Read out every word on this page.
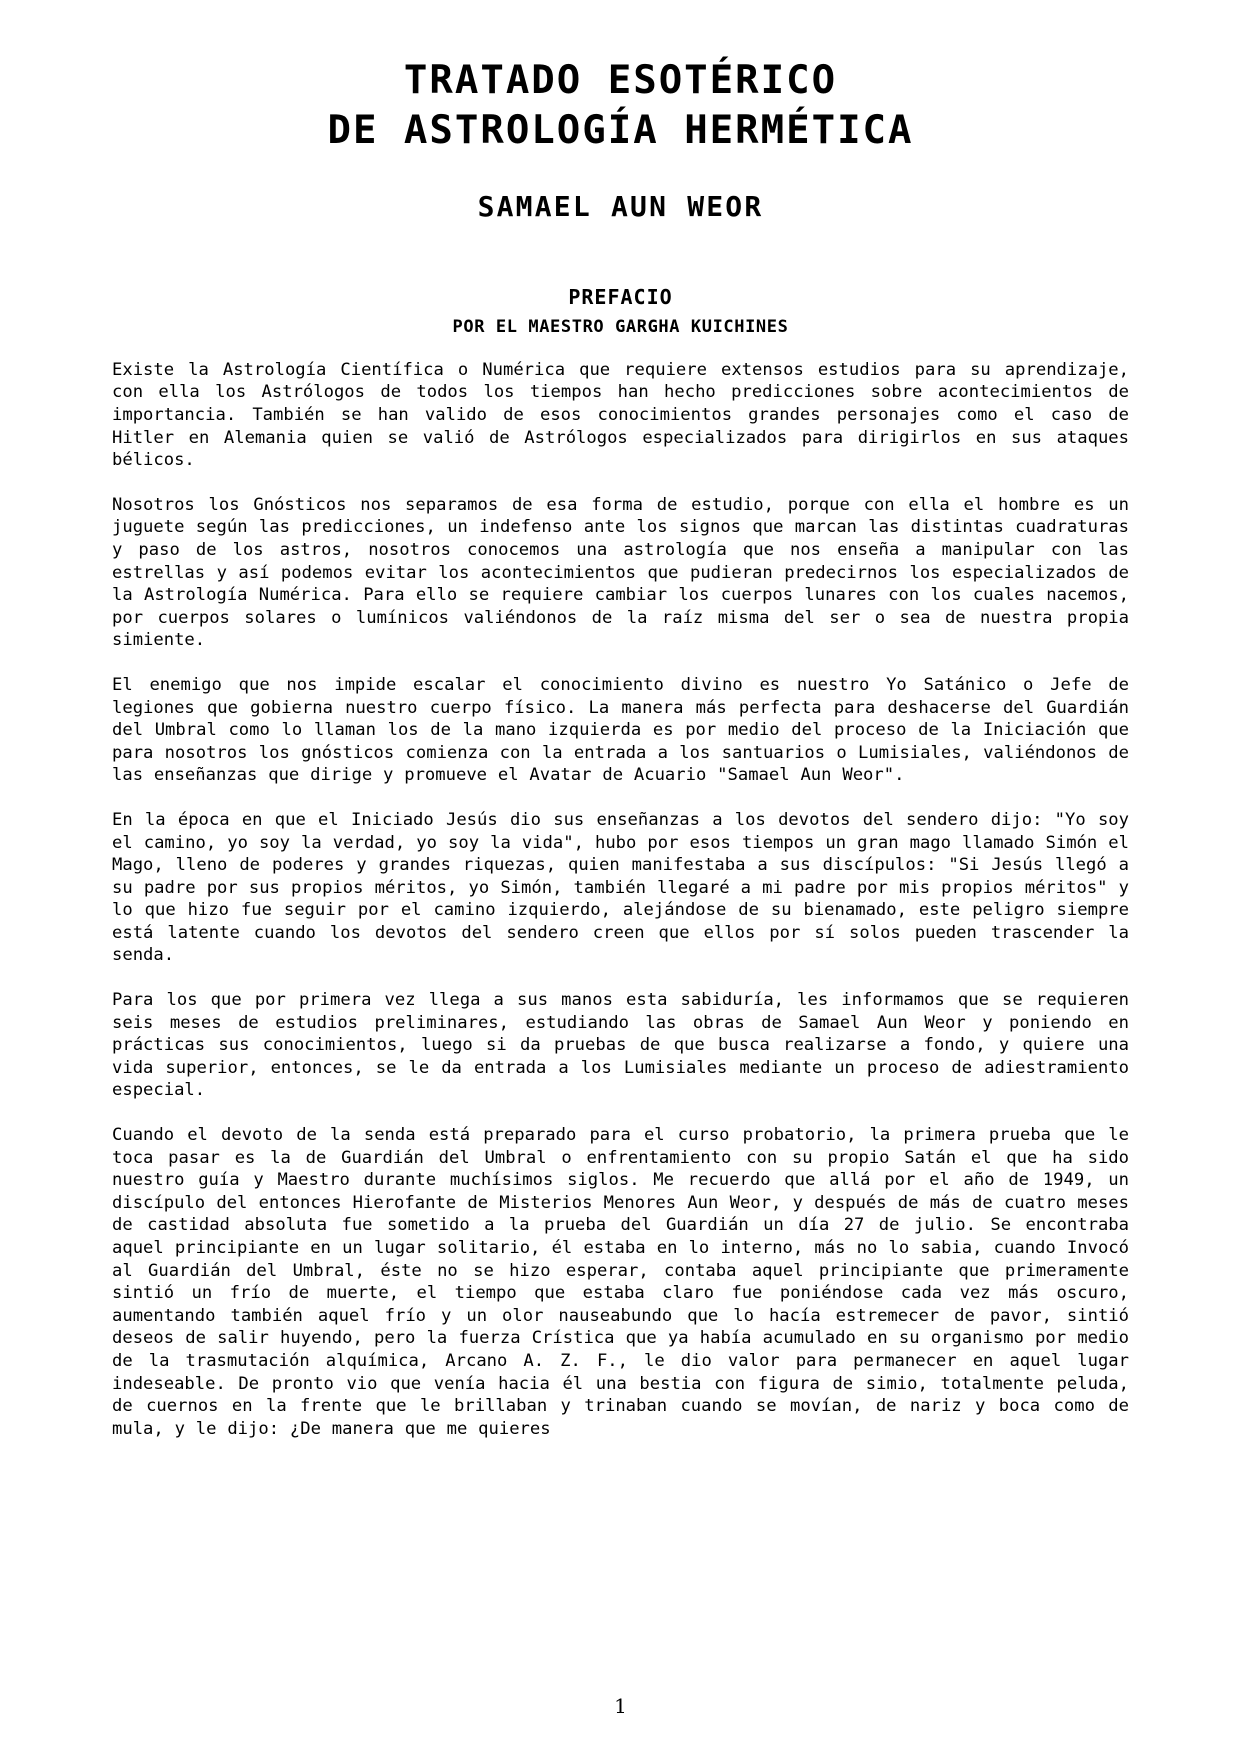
TRATADO ESOTÉRICO
DE ASTROLOGÍA HERMÉTICA
SAMAEL AUN WEOR
PREFACIO
POR EL MAESTRO GARGHA KUICHINES

Existe la Astrología Científica o Numérica que requiere extensos estudios para su aprendizaje, con ella los Astrólogos de todos los tiempos han hecho predicciones sobre acontecimientos de importancia. También se han valido de esos conocimientos grandes personajes como el caso de Hitler en Alemania quien se valió de Astrólogos especializados para dirigirlos en sus ataques bélicos.

Nosotros los Gnósticos nos separamos de esa forma de estudio, porque con ella el hombre es un juguete según las predicciones, un indefenso ante los signos que marcan las distintas cuadraturas y paso de los astros, nosotros conocemos una astrología que nos enseña a manipular con las estrellas y así podemos evitar los acontecimientos que pudieran predecirnos los especializados de la Astrología Numérica. Para ello se requiere cambiar los cuerpos lunares con los cuales nacemos, por cuerpos solares o lumínicos valiéndonos de la raíz misma del ser o sea de nuestra propia simiente.

El enemigo que nos impide escalar el conocimiento divino es nuestro Yo Satánico o Jefe de legiones que gobierna nuestro cuerpo físico. La manera más perfecta para deshacerse del Guardián del Umbral como lo llaman los de la mano izquierda es por medio del proceso de la Iniciación que para nosotros los gnósticos comienza con la entrada a los santuarios o Lumisiales, valiéndonos de las enseñanzas que dirige y promueve el Avatar de Acuario "Samael Aun Weor".

En la época en que el Iniciado Jesús dio sus enseñanzas a los devotos del sendero dijo: "Yo soy el camino, yo soy la verdad, yo soy la vida", hubo por esos tiempos un gran mago llamado Simón el Mago, lleno de poderes y grandes riquezas, quien manifestaba a sus discípulos: "Si Jesús llegó a su padre por sus propios méritos, yo Simón, también llegaré a mi padre por mis propios méritos" y lo que hizo fue seguir por el camino izquierdo, alejándose de su bienamado, este peligro siempre está latente cuando los devotos del sendero creen que ellos por sí solos pueden trascender la senda.

Para los que por primera vez llega a sus manos esta sabiduría, les informamos que se requieren seis meses de estudios preliminares, estudiando las obras de Samael Aun Weor y poniendo en prácticas sus conocimientos, luego si da pruebas de que busca realizarse a fondo, y quiere una vida superior, entonces, se le da entrada a los Lumisiales mediante un proceso de adiestramiento especial.

Cuando el devoto de la senda está preparado para el curso probatorio, la primera prueba que le toca pasar es la de Guardián del Umbral o enfrentamiento con su propio Satán el que ha sido nuestro guía y Maestro durante muchísimos siglos. Me recuerdo que allá por el año de 1949, un discípulo del entonces Hierofante de Misterios Menores Aun Weor, y después de más de cuatro meses de castidad absoluta fue sometido a la prueba del Guardián un día 27 de julio. Se encontraba aquel principiante en un lugar solitario, él estaba en lo interno, más no lo sabia, cuando Invocó al Guardián del Umbral, éste no se hizo esperar, contaba aquel principiante que primeramente sintió un frío de muerte, el tiempo que estaba claro fue poniéndose cada vez más oscuro, aumentando también aquel frío y un olor nauseabundo que lo hacía estremecer de pavor, sintió deseos de salir huyendo, pero la fuerza Crística que ya había acumulado en su organismo por medio de la trasmutación alquímica, Arcano A. Z. F., le dio valor para permanecer en aquel lugar indeseable. De pronto vio que venía hacia él una bestia con figura de simio, totalmente peluda, de cuernos en la frente que le brillaban y trinaban cuando se movían, de nariz y boca como de mula, y le dijo: ¿De manera que me quieres

1
